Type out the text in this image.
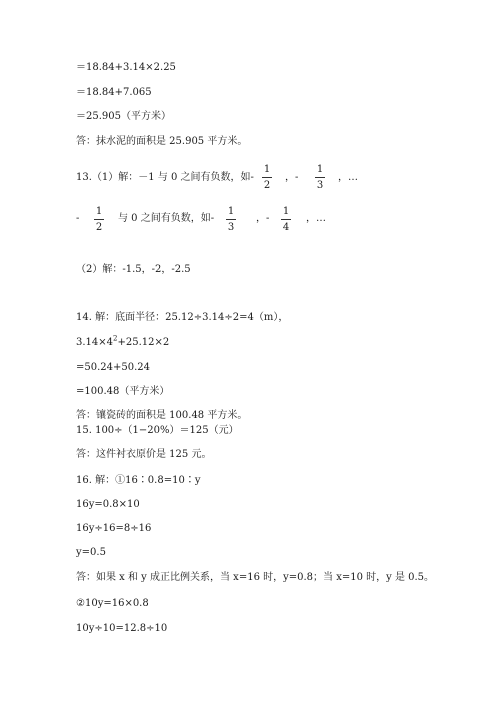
＝18.84+3.14×2.25
＝18.84+7.065
＝25.905（平方米）
答：抹水泥的面积是 25.905 平方米。
13.（1）解：－1 与 0 之间有负数，如-
1
2
，-
1
3
，…
-
1
2
与 0 之间有负数，如-
1
3
，-
1
4
，…
（2）解：-1.5，-2，-2.5
14. 解：底面半径：25.12÷3.14÷2=4（m），
$3.14\times 4^2+25.12\times 2$
=50.24+50.24
=100.48（平方米）
答：镶瓷砖的面积是 100.48 平方米。
15. 100÷（1−20%）＝125（元）
答：这件衬衣原价是 125 元。
16. 解：①16∶0.8=10∶y
16y=0.8×10
16y÷16=8÷16
y=0.5
答：如果 x 和 y 成正比例关系，当 x=16 时，y=0.8；当 x=10 时，y 是 0.5。
②10y=16×0.8
10y÷10=12.8÷10
